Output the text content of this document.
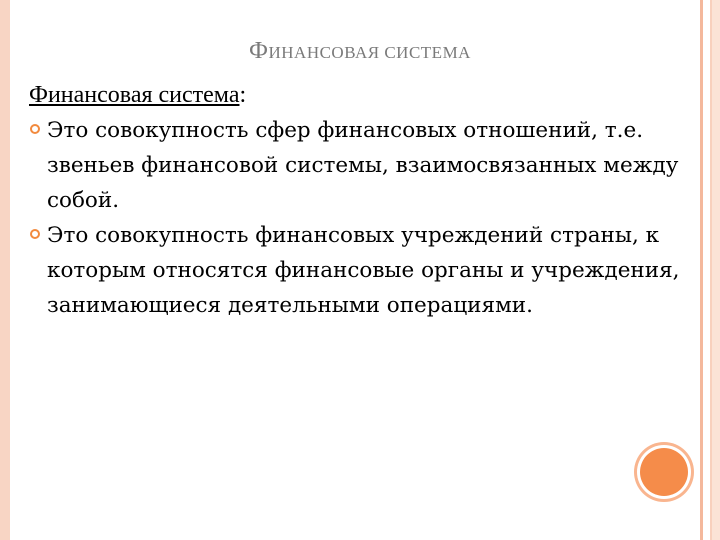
ФИНАНСОВАЯ СИСТЕМА
Финансовая система:

Это совокупность сфер финансовых отношений, т.е. звеньев финансовой системы, взаимосвязанных между собой.

Это совокупность финансовых учреждений страны, к которым относятся финансовые органы и учреждения, занимающиеся деятельными операциями.
